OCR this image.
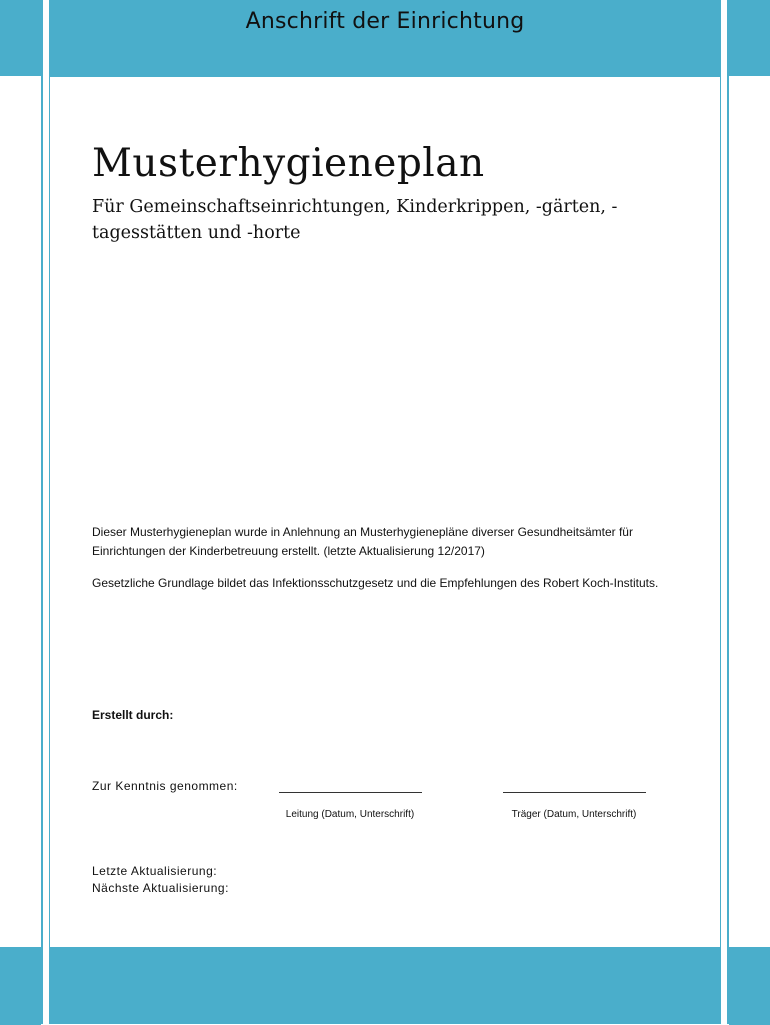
Anschrift der Einrichtung
Musterhygieneplan
Für Gemeinschaftseinrichtungen, Kinderkrippen, -gärten, -tagesstätten und -horte
Dieser Musterhygieneplan wurde in Anlehnung an Musterhygienepläne diverser Gesundheitsämter für Einrichtungen der Kinderbetreuung erstellt. (letzte Aktualisierung 12/2017)
Gesetzliche Grundlage bildet das Infektionsschutzgesetz und die Empfehlungen des Robert Koch-Instituts.
Erstellt durch:
Zur Kenntnis genommen:
Leitung (Datum, Unterschrift)	Träger (Datum, Unterschrift)
Letzte Aktualisierung:
Nächste Aktualisierung:
